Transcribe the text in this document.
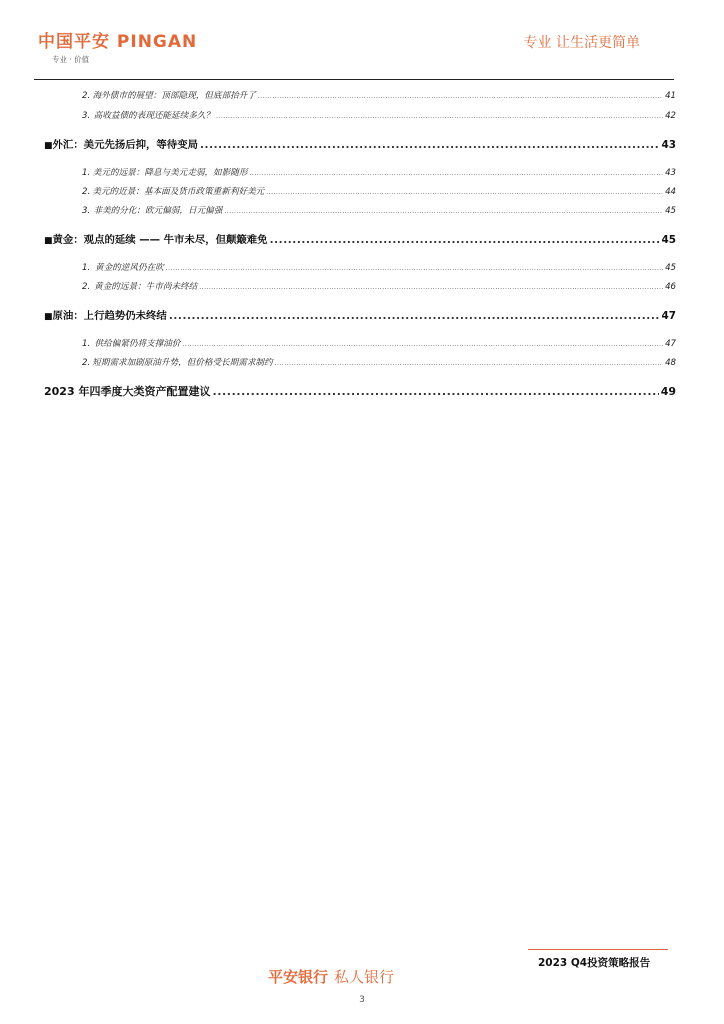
中国平安 PINGAN
专业 · 价值
专业 让生活更简单
2. 海外债市的展望：顶部隐现，但底部抬升了 .....	41
3. 高收益债的表现还能延续多久？ .....	42
■ 外汇：美元先扬后抑，等待变局 .....	43
1. 美元的远景：降息与美元走弱，如影随形 .....	43
2. 美元的近景：基本面及货币政策重新利好美元 .....	44
3. 非美的分化：欧元偏弱，日元偏强 .....	45
■ 黄金：观点的延续 —— 牛市未尽，但颠簸难免 .....	45
1. 黄金的逆风仍在吹 .....	45
2. 黄金的远景：牛市尚未终结 .....	46
■ 原油：上行趋势仍未终结 .....	47
1. 供给偏紧仍将支撑油价 .....	47
2. 短期需求加剧原油升势，但价格受长期需求制约 .....	48
2023 年四季度大类资产配置建议 .....	49
2023 Q4投资策略报告
平安银行 私人银行
3
